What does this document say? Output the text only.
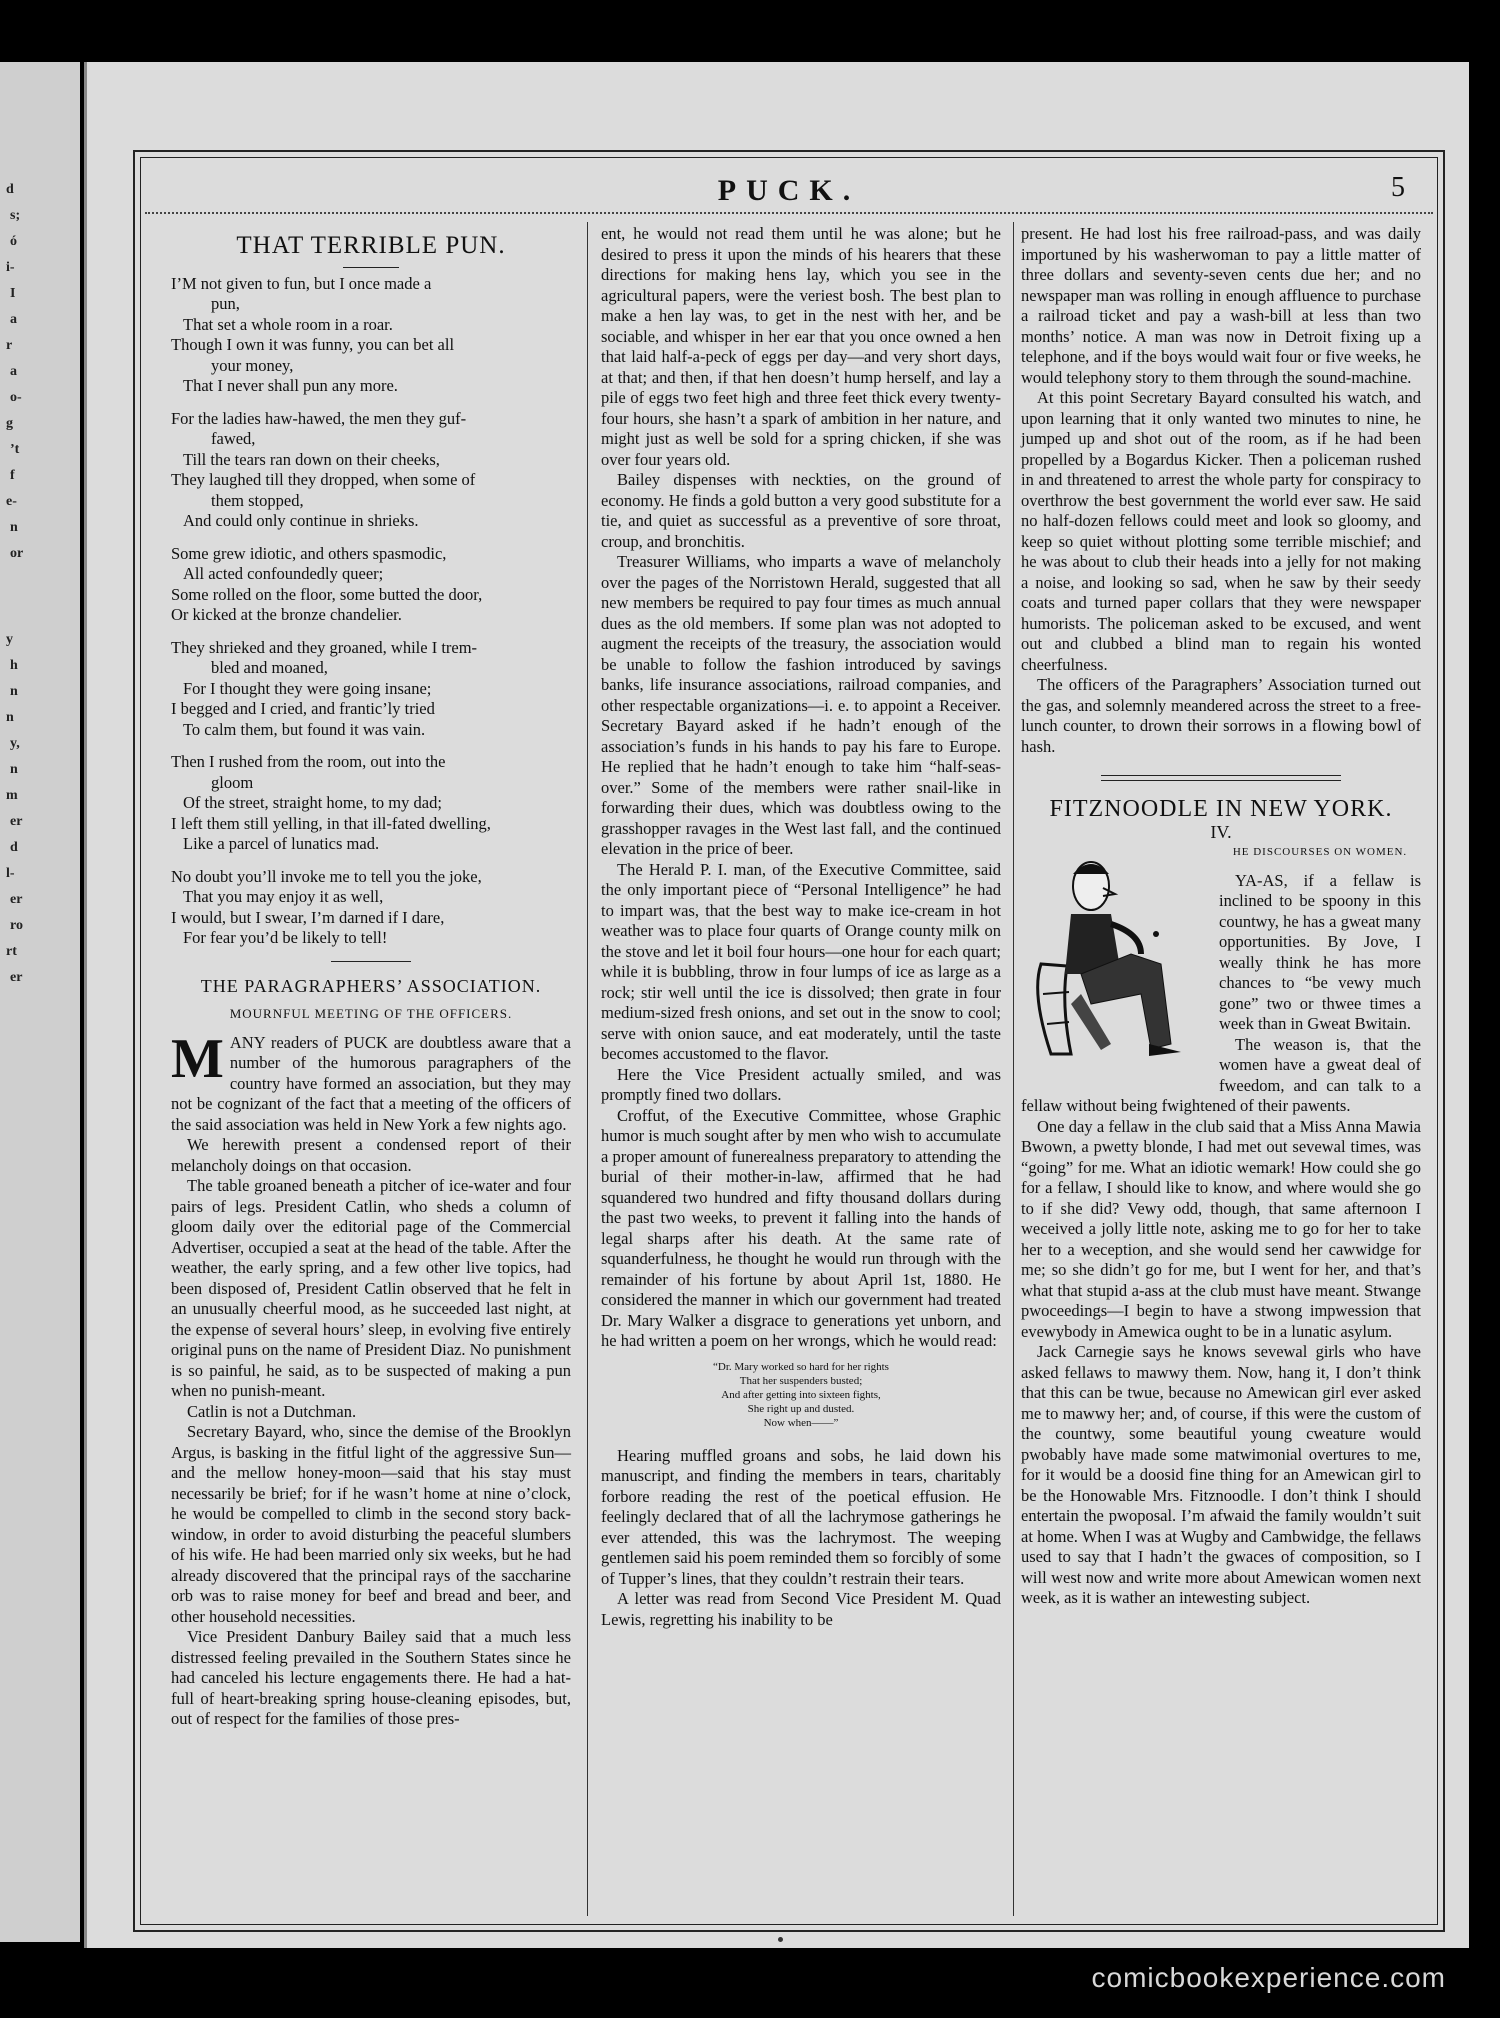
d
s;
ó
i-
I
a
r
a
o-
g
’t
f
e-
n
or
y
h
n
n
y,
n
m
er
d
l-
er
ro
rt
er
PUCK.	5
THAT TERRIBLE PUN.
I’M not given to fun, but I once made a
pun,
That set a whole room in a roar.
Though I own it was funny, you can bet all
your money,
That I never shall pun any more.
For the ladies haw-hawed, the men they guf-
fawed,
Till the tears ran down on their cheeks,
They laughed till they dropped, when some of
them stopped,
And could only continue in shrieks.
Some grew idiotic, and others spasmodic,
All acted confoundedly queer;
Some rolled on the floor, some butted the door,
Or kicked at the bronze chandelier.
They shrieked and they groaned, while I trem-
bled and moaned,
For I thought they were going insane;
I begged and I cried, and frantic’ly tried
To calm them, but found it was vain.
Then I rushed from the room, out into the
gloom
Of the street, straight home, to my dad;
I left them still yelling, in that ill-fated dwelling,
Like a parcel of lunatics mad.
No doubt you’ll invoke me to tell you the joke,
That you may enjoy it as well,
I would, but I swear, I’m darned if I dare,
For fear you’d be likely to tell!
THE PARAGRAPHERS’ ASSOCIATION.
MOURNFUL MEETING OF THE OFFICERS.
M ANY readers of PUCK are doubtless aware that a number of the humorous paragraphers of the country have formed an association, but they may not be cognizant of the fact that a meeting of the officers of the said association was held in New York a few nights ago.

We herewith present a condensed report of their melancholy doings on that occasion.

The table groaned beneath a pitcher of ice-water and four pairs of legs. President Catlin, who sheds a column of gloom daily over the editorial page of the Commercial Advertiser, occupied a seat at the head of the table. After the weather, the early spring, and a few other live topics, had been disposed of, President Catlin observed that he felt in an unusually cheerful mood, as he succeeded last night, at the expense of several hours’ sleep, in evolving five entirely original puns on the name of President Diaz. No punishment is so painful, he said, as to be suspected of making a pun when no punish-meant.

Catlin is not a Dutchman.

Secretary Bayard, who, since the demise of the Brooklyn Argus, is basking in the fitful light of the aggressive Sun—and the mellow honey-moon—said that his stay must necessarily be brief; for if he wasn’t home at nine o’clock, he would be compelled to climb in the second story back-window, in order to avoid disturbing the peaceful slumbers of his wife. He had been married only six weeks, but he had already discovered that the principal rays of the saccharine orb was to raise money for beef and bread and beer, and other household necessities.

Vice President Danbury Bailey said that a much less distressed feeling prevailed in the Southern States since he had canceled his lecture engagements there. He had a hat-full of heart-breaking spring house-cleaning episodes, but, out of respect for the families of those pres-

ent, he would not read them until he was alone; but he desired to press it upon the minds of his hearers that these directions for making hens lay, which you see in the agricultural papers, were the veriest bosh. The best plan to make a hen lay was, to get in the nest with her, and be sociable, and whisper in her ear that you once owned a hen that laid half-a-peck of eggs per day—and very short days, at that; and then, if that hen doesn’t hump herself, and lay a pile of eggs two feet high and three feet thick every twenty-four hours, she hasn’t a spark of ambition in her nature, and might just as well be sold for a spring chicken, if she was over four years old.

Bailey dispenses with neckties, on the ground of economy. He finds a gold button a very good substitute for a tie, and quiet as successful as a preventive of sore throat, croup, and bronchitis.

Treasurer Williams, who imparts a wave of melancholy over the pages of the Norristown Herald, suggested that all new members be required to pay four times as much annual dues as the old members. If some plan was not adopted to augment the receipts of the treasury, the association would be unable to follow the fashion introduced by savings banks, life insurance associations, railroad companies, and other respectable organizations—i. e. to appoint a Receiver. Secretary Bayard asked if he hadn’t enough of the association’s funds in his hands to pay his fare to Europe. He replied that he hadn’t enough to take him “half-seas-over.” Some of the members were rather snail-like in forwarding their dues, which was doubtless owing to the grasshopper ravages in the West last fall, and the continued elevation in the price of beer.

The Herald P. I. man, of the Executive Committee, said the only important piece of “Personal Intelligence” he had to impart was, that the best way to make ice-cream in hot weather was to place four quarts of Orange county milk on the stove and let it boil four hours—one hour for each quart; while it is bubbling, throw in four lumps of ice as large as a rock; stir well until the ice is dissolved; then grate in four medium-sized fresh onions, and set out in the snow to cool; serve with onion sauce, and eat moderately, until the taste becomes accustomed to the flavor.

Here the Vice President actually smiled, and was promptly fined two dollars.

Croffut, of the Executive Committee, whose Graphic humor is much sought after by men who wish to accumulate a proper amount of funerealness preparatory to attending the burial of their mother-in-law, affirmed that he had squandered two hundred and fifty thousand dollars during the past two weeks, to prevent it falling into the hands of legal sharps after his death. At the same rate of squanderfulness, he thought he would run through with the remainder of his fortune by about April 1st, 1880. He considered the manner in which our government had treated Dr. Mary Walker a disgrace to generations yet unborn, and he had written a poem on her wrongs, which he would read:

“Dr. Mary worked so hard for her rights
That her suspenders busted;
And after getting into sixteen fights,
She right up and dusted.
Now when——”

Hearing muffled groans and sobs, he laid down his manuscript, and finding the members in tears, charitably forbore reading the rest of the poetical effusion. He feelingly declared that of all the lachrymose gatherings he ever attended, this was the lachrymost. The weeping gentlemen said his poem reminded them so forcibly of some of Tupper’s lines, that they couldn’t restrain their tears.

A letter was read from Second Vice President M. Quad Lewis, regretting his inability to be

present. He had lost his free railroad-pass, and was daily importuned by his washerwoman to pay a little matter of three dollars and seventy-seven cents due her; and no newspaper man was rolling in enough affluence to purchase a railroad ticket and pay a wash-bill at less than two months’ notice. A man was now in Detroit fixing up a telephone, and if the boys would wait four or five weeks, he would telephony story to them through the sound-machine.

At this point Secretary Bayard consulted his watch, and upon learning that it only wanted two minutes to nine, he jumped up and shot out of the room, as if he had been propelled by a Bogardus Kicker. Then a policeman rushed in and threatened to arrest the whole party for conspiracy to overthrow the best government the world ever saw. He said no half-dozen fellows could meet and look so gloomy, and keep so quiet without plotting some terrible mischief; and he was about to club their heads into a jelly for not making a noise, and looking so sad, when he saw by their seedy coats and turned paper collars that they were newspaper humorists. The policeman asked to be excused, and went out and clubbed a blind man to regain his wonted cheerfulness.

The officers of the Paragraphers’ Association turned out the gas, and solemnly meandered across the street to a free-lunch counter, to drown their sorrows in a flowing bowl of hash.

FITZNOODLE IN NEW YORK.
IV.
HE DISCOURSES ON WOMEN.

YA-AS, if a fellaw is inclined to be spoony in this countwy, he has a gweat many opportunities. By Jove, I weally think he has more chances to “be vewy much gone” two or thwee times a week than in Gweat Bwitain.

The weason is, that the women have a gweat deal of fweedom, and can talk to a fellaw without being fwightened of their pawents.

One day a fellaw in the club said that a Miss Anna Mawia Bwown, a pwetty blonde, I had met out sevewal times, was “going” for me. What an idiotic wemark! How could she go for a fellaw, I should like to know, and where would she go to if she did? Vewy odd, though, that same afternoon I weceived a jolly little note, asking me to go for her to take her to a weception, and she would send her cawwidge for me; so she didn’t go for me, but I went for her, and that’s what that stupid a-ass at the club must have meant. Stwange pwoceedings—I begin to have a stwong impwession that evewybody in Amewica ought to be in a lunatic asylum.

Jack Carnegie says he knows sevewal girls who have asked fellaws to mawwy them. Now, hang it, I don’t think that this can be twue, because no Amewican girl ever asked me to mawwy her; and, of course, if this were the custom of the countwy, some beautiful young cweature would pwobably have made some matwimonial overtures to me, for it would be a doosid fine thing for an Amewican girl to be the Honowable Mrs. Fitznoodle. I don’t think I should entertain the pwoposal. I’m afwaid the family wouldn’t suit at home. When I was at Wugby and Cambwidge, the fellaws used to say that I hadn’t the gwaces of composition, so I will west now and write more about Amewican women next week, as it is wather an intewesting subject.

comicbookexperience.com
